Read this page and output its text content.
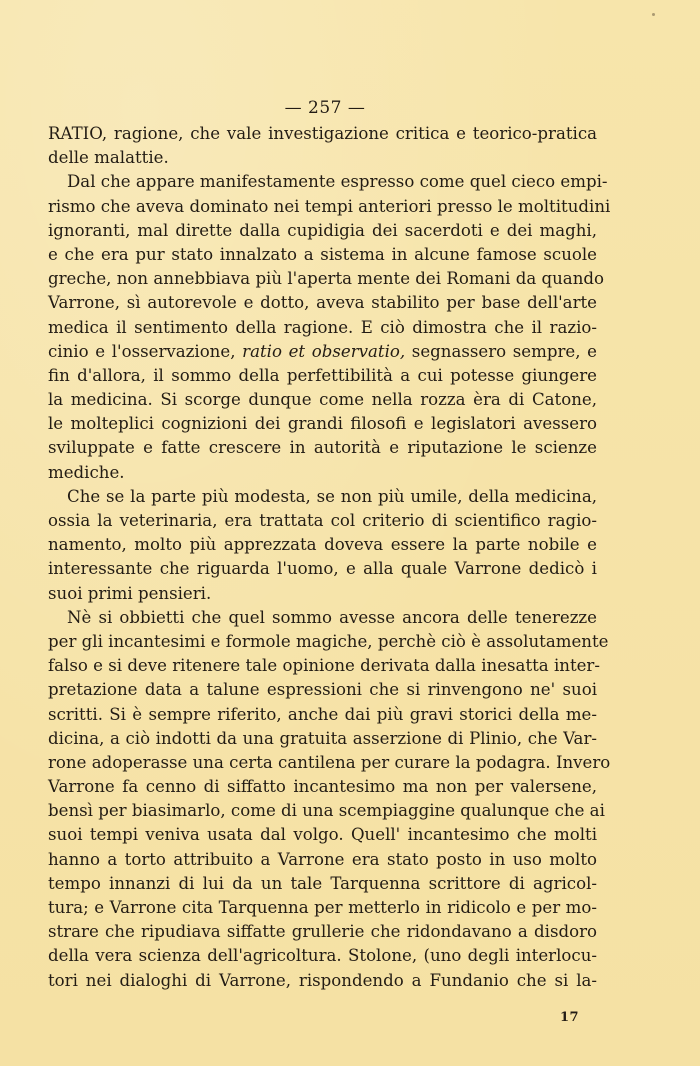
— 257 —
RATIO, ragione, che vale investigazione critica e teorico-pratica
delle malattie.
Dal che appare manifestamente espresso come quel cieco empi-
rismo che aveva dominato nei tempi anteriori presso le moltitudini
ignoranti, mal dirette dalla cupidigia dei sacerdoti e dei maghi,
e che era pur stato innalzato a sistema in alcune famose scuole
greche, non annebbiava più l'aperta mente dei Romani da quando
Varrone, sì autorevole e dotto, aveva stabilito per base dell'arte
medica il sentimento della ragione. E ciò dimostra che il razio-
cinio e l'osservazione, ratio et observatio, segnassero sempre, e
fin d'allora, il sommo della perfettibilità a cui potesse giungere
la medicina. Si scorge dunque come nella rozza èra di Catone,
le molteplici cognizioni dei grandi filosofi e legislatori avessero
sviluppate e fatte crescere in autorità e riputazione le scienze
mediche.
Che se la parte più modesta, se non più umile, della medicina,
ossia la veterinaria, era trattata col criterio di scientifico ragio-
namento, molto più apprezzata doveva essere la parte nobile e
interessante che riguarda l'uomo, e alla quale Varrone dedicò i
suoi primi pensieri.
Nè si obbietti che quel sommo avesse ancora delle tenerezze
per gli incantesimi e formole magiche, perchè ciò è assolutamente
falso e si deve ritenere tale opinione derivata dalla inesatta inter-
pretazione data a talune espressioni che si rinvengono ne' suoi
scritti. Si è sempre riferito, anche dai più gravi storici della me-
dicina, a ciò indotti da una gratuita asserzione di Plinio, che Var-
rone adoperasse una certa cantilena per curare la podagra. Invero
Varrone fa cenno di siffatto incantesimo ma non per valersene,
bensì per biasimarlo, come di una scempiaggine qualunque che ai
suoi tempi veniva usata dal volgo. Quell' incantesimo che molti
hanno a torto attribuito a Varrone era stato posto in uso molto
tempo innanzi di lui da un tale Tarquenna scrittore di agricol-
tura; e Varrone cita Tarquenna per metterlo in ridicolo e per mo-
strare che ripudiava siffatte grullerie che ridondavano a disdoro
della vera scienza dell'agricoltura. Stolone, (uno degli interlocu-
tori nei dialoghi di Varrone, rispondendo a Fundanio che si la-
17
